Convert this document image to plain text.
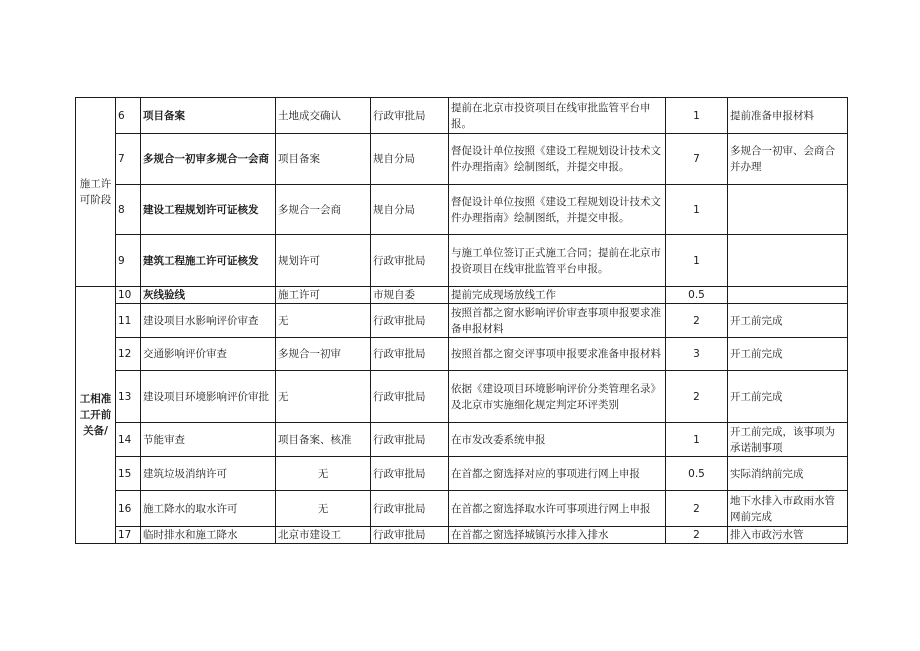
施工许可阶段	6	项目备案	土地成交确认	行政审批局	提前在北京市投资项目在线审批监管平台申报。	1	提前准备申报材料
	7	多规合一初审多规合一会商	项目备案	规自分局	督促设计单位按照《建设工程规划设计技术文件办理指南》绘制图纸，并提交申报。	7	多规合一初审、会商合并办理
	8	建设工程规划许可证核发	多规合一会商	规自分局	督促设计单位按照《建设工程规划设计技术文件办理指南》绘制图纸，并提交申报。	1	
	9	建筑工程施工许可证核发	规划许可	行政审批局	与施工单位签订正式施工合同；提前在北京市投资项目在线审批监管平台申报。	1	
工相准工开前关备/	10	灰线验线	施工许可	市规自委	提前完成现场放线工作	0.5	
	11	建设项目水影响评价审查	无	行政审批局	按照首都之窗水影响评价审查事项申报要求准备申报材料	2	开工前完成
	12	交通影响评价审查	多规合一初审	行政审批局	按照首都之窗交评事项申报要求准备申报材料	3	开工前完成
	13	建设项目环境影响评价审批	无	行政审批局	依据《建设项目环境影响评价分类管理名录》及北京市实施细化规定判定环评类别	2	开工前完成
	14	节能审查	项目备案、核准	行政审批局	在市发改委系统申报	1	开工前完成，该事项为承诺制事项
	15	建筑垃圾消纳许可	无	行政审批局	在首都之窗选择对应的事项进行网上申报	0.5	实际消纳前完成
	16	施工降水的取水许可	无	行政审批局	在首都之窗选择取水许可事项进行网上申报	2	地下水排入市政雨水管网前完成
	17	临时排水和施工降水	北京市建设工	行政审批局	在首都之窗选择城镇污水排入排水	2	排入市政污水管
